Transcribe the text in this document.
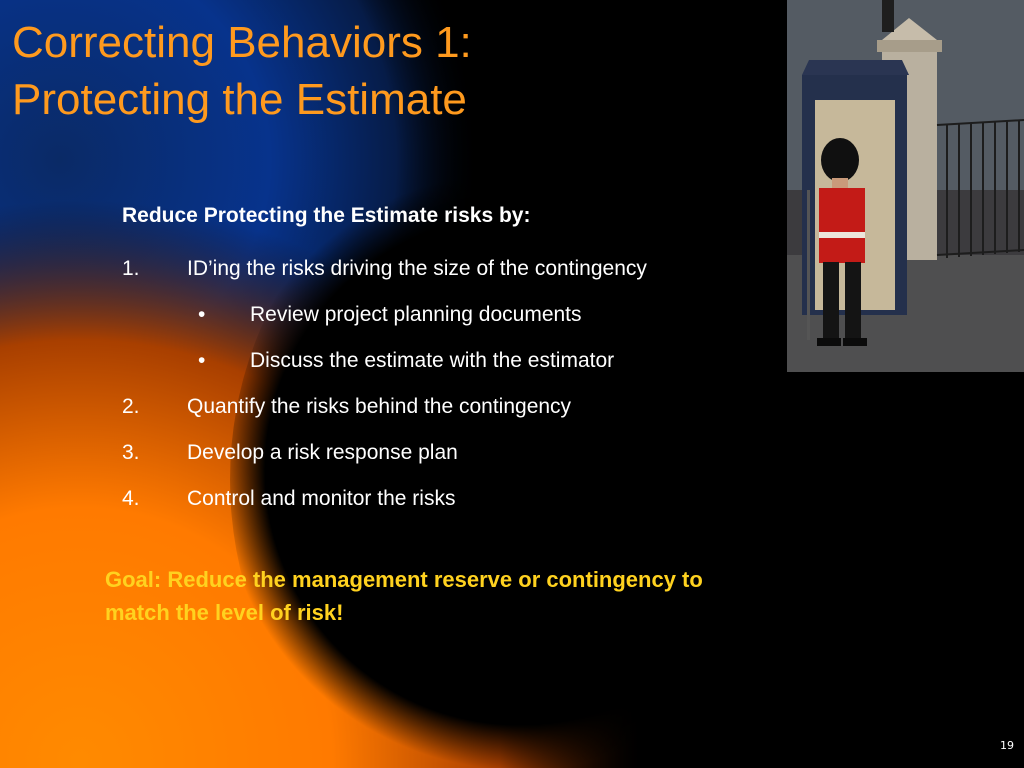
Correcting Behaviors 1:
Protecting the Estimate
Reduce Protecting the Estimate risks by:
1. ID’ing the risks driving the size of the contingency
• Review project planning documents
• Discuss the estimate with the estimator
2. Quantify the risks behind the contingency
3. Develop a risk response plan
4. Control and monitor the risks
Goal: Reduce the management reserve or contingency to
match the level of risk!
19
